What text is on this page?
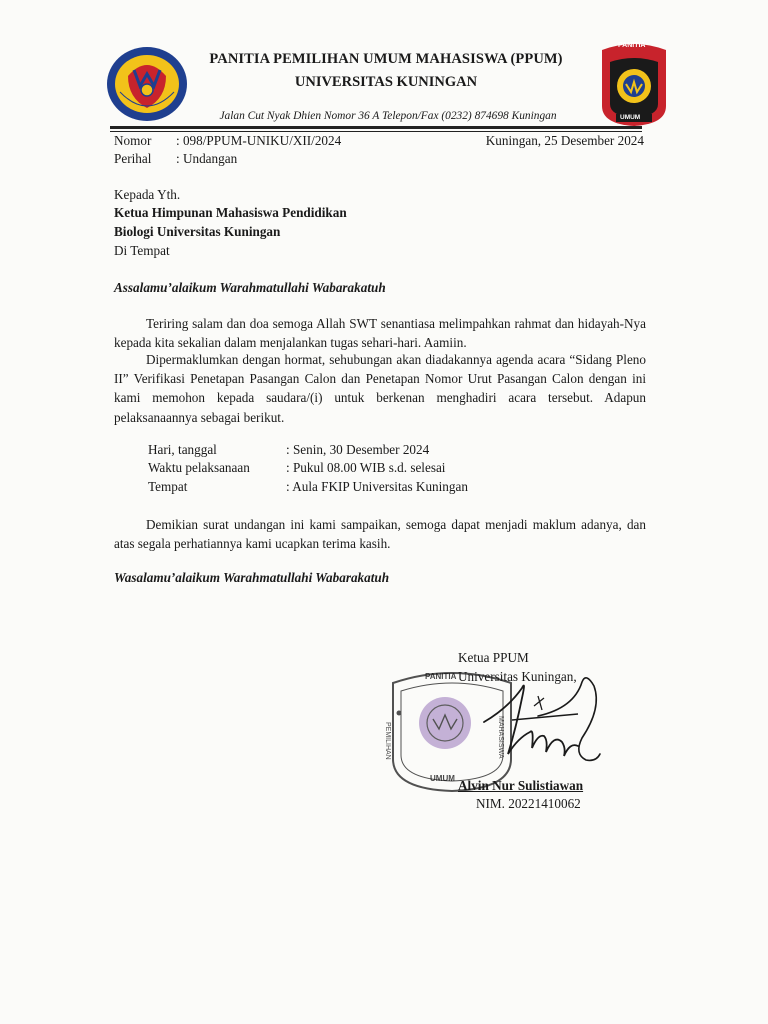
PANITIA
UMUM
PANITIA PEMILIHAN UMUM MAHASISWA (PPUM)
UNIVERSITAS KUNINGAN
Jalan Cut Nyak Dhien Nomor 36 A Telepon/Fax (0232) 874698 Kuningan
Nomor : 098/PPUM-UNIKU/XII/2024	Kuningan, 25 Desember 2024
Perihal : Undangan
Kepada Yth.
Ketua Himpunan Mahasiswa Pendidikan
Biologi Universitas Kuningan
Di Tempat
Assalamu’alaikum Warahmatullahi Wabarakatuh
Teriring salam dan doa semoga Allah SWT senantiasa melimpahkan rahmat dan hidayah-Nya kepada kita sekalian dalam menjalankan tugas sehari-hari. Aamiin.
Dipermaklumkan dengan hormat, sehubungan akan diadakannya agenda acara “Sidang Pleno II” Verifikasi Penetapan Pasangan Calon dan Penetapan Nomor Urut Pasangan Calon dengan ini kami memohon kepada saudara/(i) untuk berkenan menghadiri acara tersebut. Adapun pelaksanaannya sebagai berikut.
Hari, tanggal	: Senin, 30 Desember 2024
Waktu pelaksanaan	: Pukul 08.00 WIB s.d. selesai
Tempat	: Aula FKIP Universitas Kuningan
Demikian surat undangan ini kami sampaikan, semoga dapat menjadi maklum adanya, dan atas segala perhatiannya kami ucapkan terima kasih.
Wasalamu’alaikum Warahmatullahi Wabarakatuh
Ketua PPUM
Universitas Kuningan,
PANITIA
PEMILIHAN
UMUM
MAHASISWA
Alvin Nur Sulistiawan
NIM. 20221410062
